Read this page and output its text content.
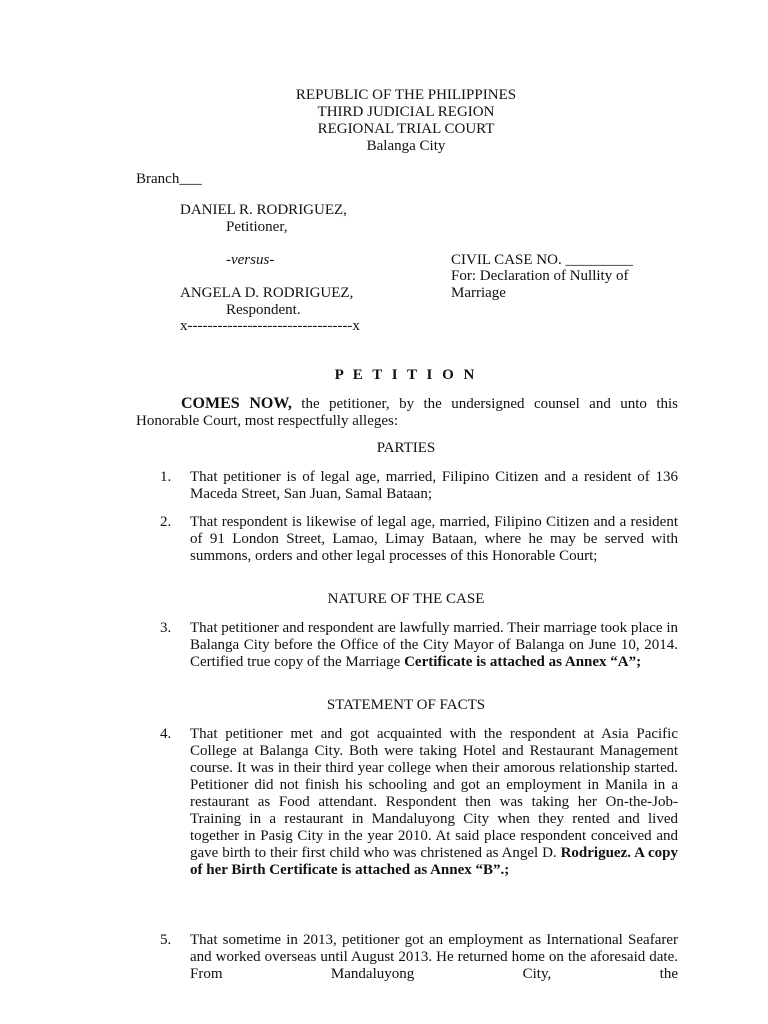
REPUBLIC OF THE PHILIPPINES
THIRD JUDICIAL REGION
REGIONAL TRIAL COURT
Balanga City
Branch___
DANIEL R. RODRIGUEZ,
Petitioner,
-versus-
ANGELA D. RODRIGUEZ,
Respondent.
x---------------------------------x
CIVIL CASE NO. _________
For: Declaration of Nullity of
Marriage
P E T I T I O N
COMES NOW, the petitioner, by the undersigned counsel and unto this Honorable Court, most respectfully alleges:
PARTIES
1. That petitioner is of legal age, married, Filipino Citizen and a resident of 136 Maceda Street, San Juan, Samal Bataan;
2. That respondent is likewise of legal age, married, Filipino Citizen and a resident of 91 London Street, Lamao, Limay Bataan, where he may be served with summons, orders and other legal processes of this Honorable Court;
NATURE OF THE CASE
3. That petitioner and respondent are lawfully married. Their marriage took place in Balanga City before the Office of the City Mayor of Balanga on June 10, 2014. Certified true copy of the Marriage Certificate is attached as Annex “A”;
STATEMENT OF FACTS
4. That petitioner met and got acquainted with the respondent at Asia Pacific College at Balanga City. Both were taking Hotel and Restaurant Management course. It was in their third year college when their amorous relationship started. Petitioner did not finish his schooling and got an employment in Manila in a restaurant as Food attendant. Respondent then was taking her On-the-Job-Training in a restaurant in Mandaluyong City when they rented and lived together in Pasig City in the year 2010. At said place respondent conceived and gave birth to their first child who was christened as Angel D. Rodriguez. A copy of her Birth Certificate is attached as Annex “B”.;
5. That sometime in 2013, petitioner got an employment as International Seafarer and worked overseas until August 2013. He returned home on the aforesaid date. From Mandaluyong City, the
